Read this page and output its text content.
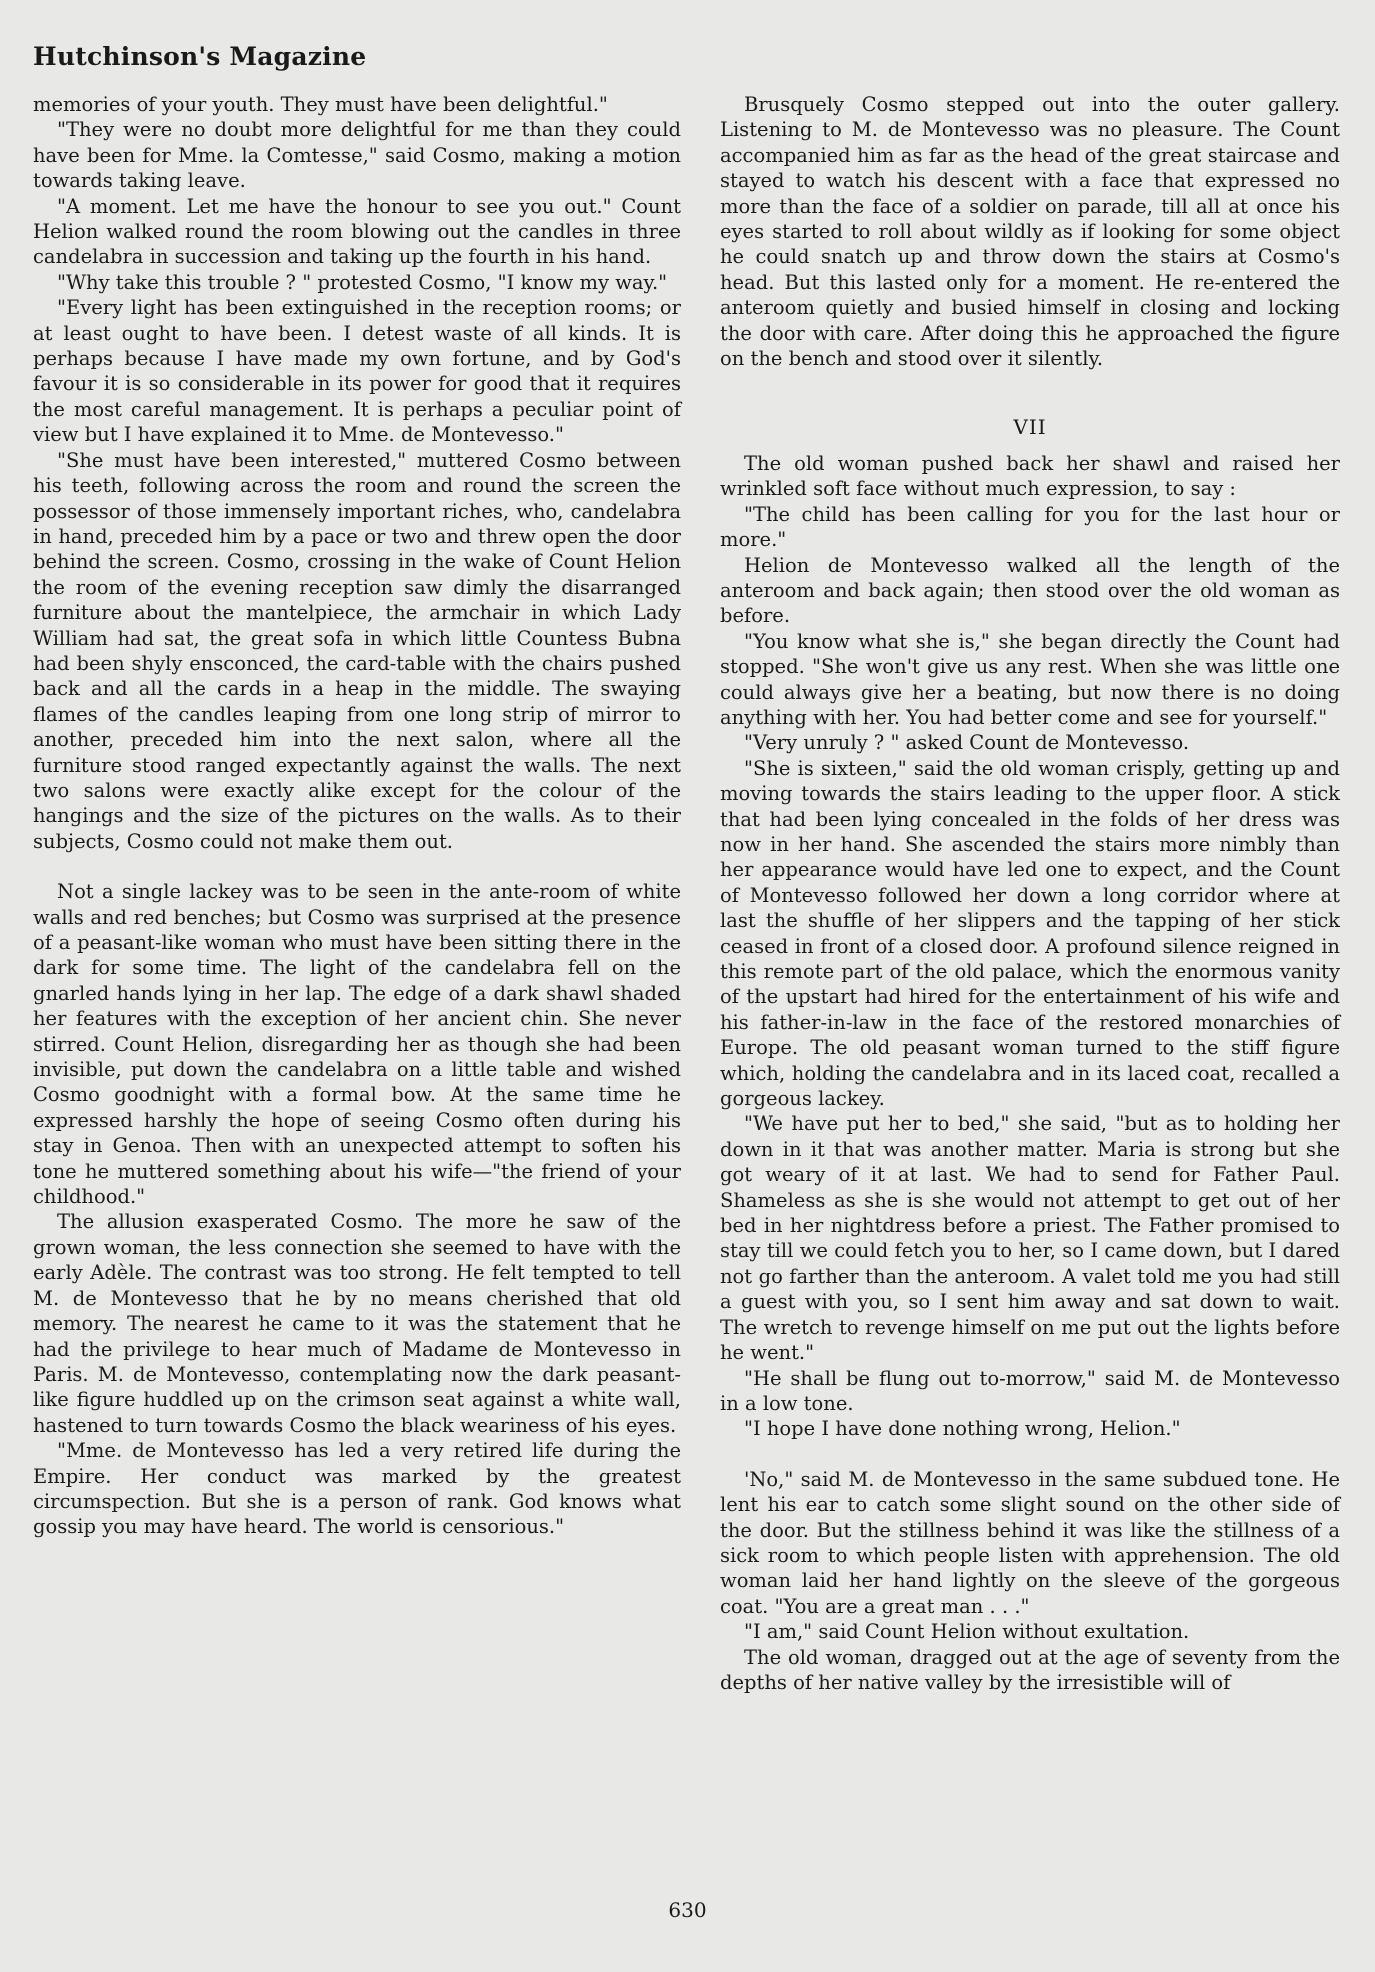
Hutchinson's Magazine

memories of your youth. They must have been delightful."

"They were no doubt more delightful for me than they could have been for Mme. la Comtesse," said Cosmo, making a motion towards taking leave.

"A moment. Let me have the honour to see you out." Count Helion walked round the room blowing out the candles in three candelabra in succession and taking up the fourth in his hand.

"Why take this trouble ? " protested Cosmo, "I know my way."

"Every light has been extinguished in the reception rooms; or at least ought to have been. I detest waste of all kinds. It is perhaps because I have made my own fortune, and by God's favour it is so considerable in its power for good that it requires the most careful management. It is perhaps a peculiar point of view but I have explained it to Mme. de Montevesso."

"She must have been interested," muttered Cosmo between his teeth, following across the room and round the screen the possessor of those immensely important riches, who, candelabra in hand, preceded him by a pace or two and threw open the door behind the screen. Cosmo, crossing in the wake of Count Helion the room of the evening reception saw dimly the disarranged furniture about the mantelpiece, the armchair in which Lady William had sat, the great sofa in which little Countess Bubna had been shyly ensconced, the card-table with the chairs pushed back and all the cards in a heap in the middle. The swaying flames of the candles leaping from one long strip of mirror to another, preceded him into the next salon, where all the furniture stood ranged expectantly against the walls. The next two salons were exactly alike except for the colour of the hangings and the size of the pictures on the walls. As to their subjects, Cosmo could not make them out.

Not a single lackey was to be seen in the ante-room of white walls and red benches; but Cosmo was surprised at the presence of a peasant-like woman who must have been sitting there in the dark for some time. The light of the candelabra fell on the gnarled hands lying in her lap. The edge of a dark shawl shaded her features with the exception of her ancient chin. She never stirred. Count Helion, disregarding her as though she had been invisible, put down the candelabra on a little table and wished Cosmo goodnight with a formal bow. At the same time he expressed harshly the hope of seeing Cosmo often during his stay in Genoa. Then with an unexpected attempt to soften his tone he muttered something about his wife—"the friend of your childhood."

The allusion exasperated Cosmo. The more he saw of the grown woman, the less connection she seemed to have with the early Adèle. The contrast was too strong. He felt tempted to tell M. de Montevesso that he by no means cherished that old memory. The nearest he came to it was the statement that he had the privilege to hear much of Madame de Montevesso in Paris. M. de Montevesso, contemplating now the dark peasant-like figure huddled up on the crimson seat against a white wall, hastened to turn towards Cosmo the black weariness of his eyes.

"Mme. de Montevesso has led a very retired life during the Empire. Her conduct was marked by the greatest circumspection. But she is a person of rank. God knows what gossip you may have heard. The world is censorious."

Brusquely Cosmo stepped out into the outer gallery. Listening to M. de Montevesso was no pleasure. The Count accompanied him as far as the head of the great staircase and stayed to watch his descent with a face that expressed no more than the face of a soldier on parade, till all at once his eyes started to roll about wildly as if looking for some object he could snatch up and throw down the stairs at Cosmo's head. But this lasted only for a moment. He re-entered the anteroom quietly and busied himself in closing and locking the door with care. After doing this he approached the figure on the bench and stood over it silently.

VII

The old woman pushed back her shawl and raised her wrinkled soft face without much expression, to say :

"The child has been calling for you for the last hour or more."

Helion de Montevesso walked all the length of the anteroom and back again; then stood over the old woman as before.

"You know what she is," she began directly the Count had stopped. "She won't give us any rest. When she was little one could always give her a beating, but now there is no doing anything with her. You had better come and see for yourself."

"Very unruly ? " asked Count de Montevesso.

"She is sixteen," said the old woman crisply, getting up and moving towards the stairs leading to the upper floor. A stick that had been lying concealed in the folds of her dress was now in her hand. She ascended the stairs more nimbly than her appearance would have led one to expect, and the Count of Montevesso followed her down a long corridor where at last the shuffle of her slippers and the tapping of her stick ceased in front of a closed door. A profound silence reigned in this remote part of the old palace, which the enormous vanity of the upstart had hired for the entertainment of his wife and his father-in-law in the face of the restored monarchies of Europe. The old peasant woman turned to the stiff figure which, holding the candelabra and in its laced coat, recalled a gorgeous lackey.

"We have put her to bed," she said, "but as to holding her down in it that was another matter. Maria is strong but she got weary of it at last. We had to send for Father Paul. Shameless as she is she would not attempt to get out of her bed in her nightdress before a priest. The Father promised to stay till we could fetch you to her, so I came down, but I dared not go farther than the anteroom. A valet told me you had still a guest with you, so I sent him away and sat down to wait. The wretch to revenge himself on me put out the lights before he went."

"He shall be flung out to-morrow," said M. de Montevesso in a low tone.

"I hope I have done nothing wrong, Helion."

'No," said M. de Montevesso in the same subdued tone. He lent his ear to catch some slight sound on the other side of the door. But the stillness behind it was like the stillness of a sick room to which people listen with apprehension. The old woman laid her hand lightly on the sleeve of the gorgeous coat. "You are a great man . . ."

"I am," said Count Helion without exultation.

The old woman, dragged out at the age of seventy from the depths of her native valley by the irresistible will of

630
